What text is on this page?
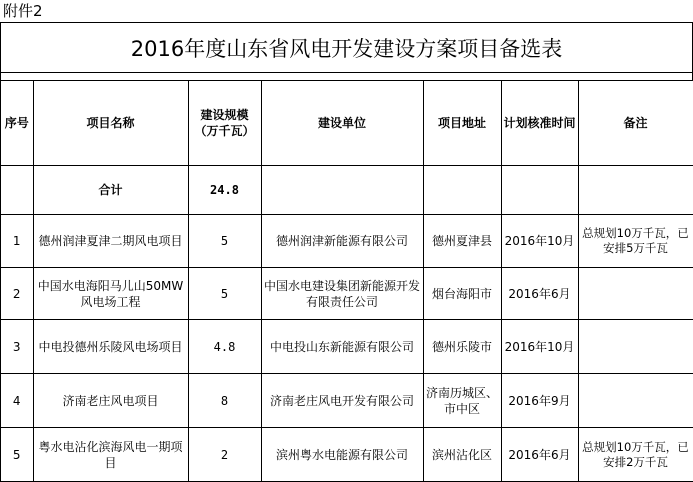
附件2
2016年度山东省风电开发建设方案项目备选表
序号	项目名称	建设规模（万千瓦）	建设单位	项目地址	计划核准时间	备注
	合计	24.8				
1	德州润津夏津二期风电项目	5	德州润津新能源有限公司	德州夏津县	2016年10月	总规划10万千瓦，已安排5万千瓦
2	中国水电海阳马儿山50MW风电场工程	5	中国水电建设集团新能源开发有限责任公司	烟台海阳市	2016年6月	
3	中电投德州乐陵风电场项目	4.8	中电投山东新能源有限公司	德州乐陵市	2016年10月	
4	济南老庄风电项目	8	济南老庄风电开发有限公司	济南历城区、市中区	2016年9月	
5	粤水电沾化滨海风电一期项目	2	滨州粤水电能源有限公司	滨州沾化区	2016年6月	总规划10万千瓦，已安排2万千瓦
